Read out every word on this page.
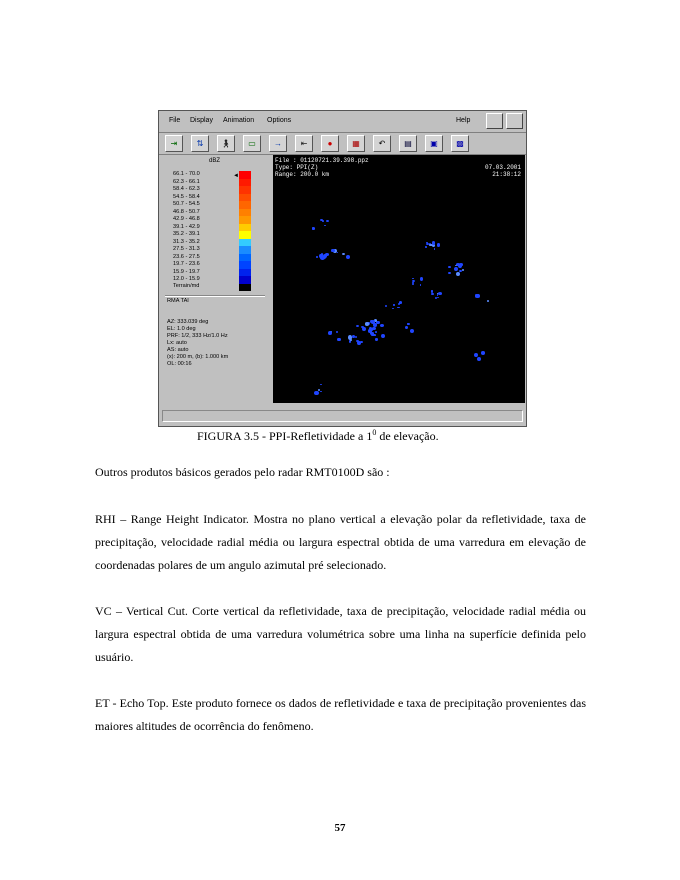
File Display Animation Options	Help
⇥ ⇅ 🚶︎ ▭ → ⇤	● ▦ ↶ ▤ ▣ ▩
dBZ
66.1 - 70.0
62.3 - 66.1
58.4 - 62.3
54.5 - 58.4
50.7 - 54.5
46.8 - 50.7
42.9 - 46.8
39.1 - 42.9
35.2 - 39.1
31.3 - 35.2
27.5 - 31.3
23.6 - 27.5
19.7 - 23.6
15.9 - 19.7
12.0 - 15.9
◄
Terrain/md
RMA TAI
AZ: 333.039 deg
EL: 1.0 deg
PRF: 1/2, 333 Hz/1.0 Hz
Lx: auto
AS: auto
(x): 200 m, (b): 1.000 km
OL: 00:16
File : 01120721.39.398.ppz
Type: PPI(Z)
Range: 200.0 km
07.03.2001
21:38:12
FIGURA 3.5 - PPI-Refletividade a $1^0$ de elevação.

Outros produtos básicos gerados pelo radar RMT0100D são :

RHI – Range Height Indicator. Mostra no plano vertical a elevação polar da refletividade, taxa de precipitação, velocidade radial média ou largura espectral obtida de uma varredura em elevação de coordenadas polares de um angulo azimutal pré selecionado.

VC – Vertical Cut. Corte vertical da refletividade, taxa de precipitação, velocidade radial média ou largura espectral obtida de uma varredura volumétrica sobre uma linha na superfície definida pelo usuário.

ET - Echo Top. Este produto fornece os dados de refletividade e taxa de precipitação provenientes das maiores altitudes de ocorrência do fenômeno.

57
